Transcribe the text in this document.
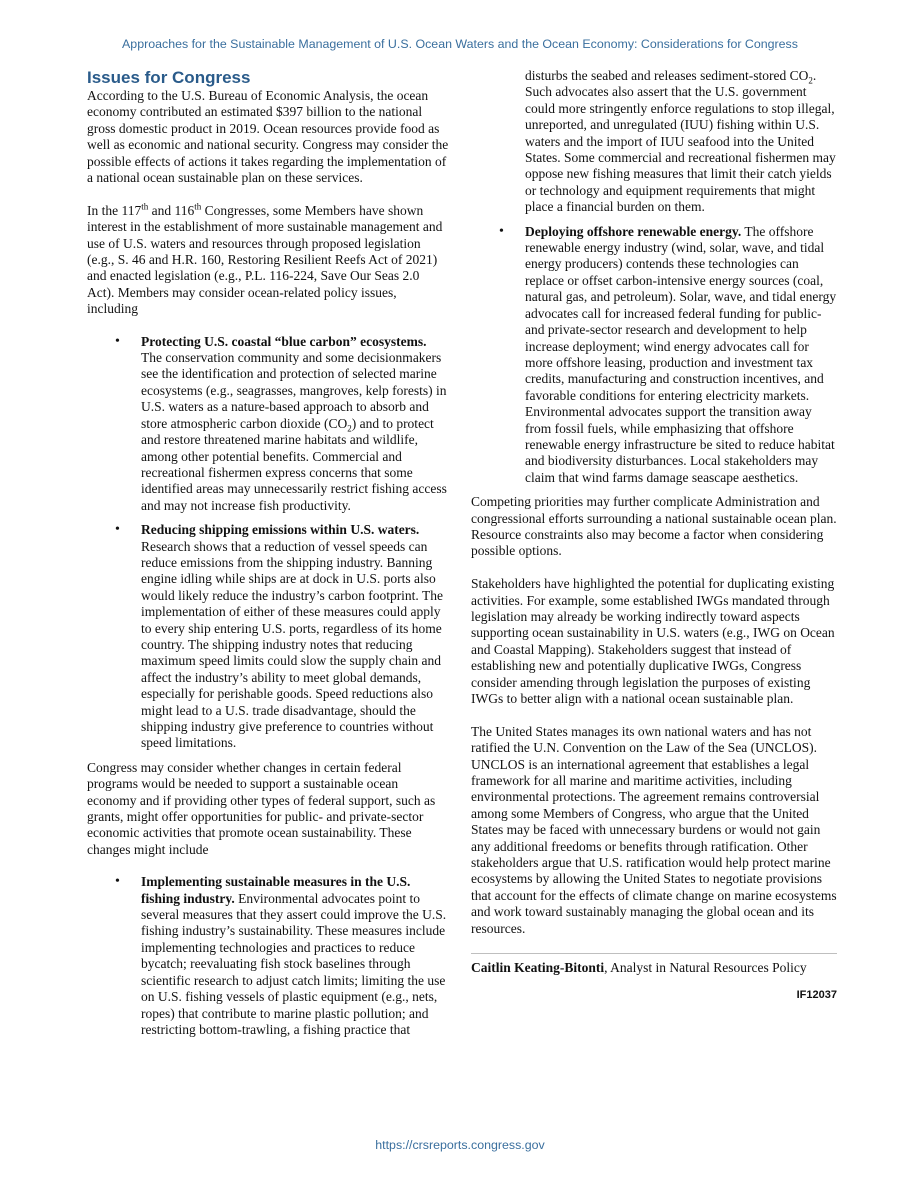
Approaches for the Sustainable Management of U.S. Ocean Waters and the Ocean Economy: Considerations for Congress
Issues for Congress

According to the U.S. Bureau of Economic Analysis, the ocean economy contributed an estimated $397 billion to the national gross domestic product in 2019. Ocean resources provide food as well as economic and national security. Congress may consider the possible effects of actions it takes regarding the implementation of a national ocean sustainable plan on these services.

In the 117th and 116th Congresses, some Members have shown interest in the establishment of more sustainable management and use of U.S. waters and resources through proposed legislation (e.g., S. 46 and H.R. 160, Restoring Resilient Reefs Act of 2021) and enacted legislation (e.g., P.L. 116-224, Save Our Seas 2.0 Act). Members may consider ocean-related policy issues, including

• Protecting U.S. coastal “blue carbon” ecosystems. The conservation community and some decisionmakers see the identification and protection of selected marine ecosystems (e.g., seagrasses, mangroves, kelp forests) in U.S. waters as a nature-based approach to absorb and store atmospheric carbon dioxide $(CO_2)$ and to protect and restore threatened marine habitats and wildlife, among other potential benefits. Commercial and recreational fishermen express concerns that some identified areas may unnecessarily restrict fishing access and may not increase fish productivity.
• Reducing shipping emissions within U.S. waters. Research shows that a reduction of vessel speeds can reduce emissions from the shipping industry. Banning engine idling while ships are at dock in U.S. ports also would likely reduce the industry’s carbon footprint. The implementation of either of these measures could apply to every ship entering U.S. ports, regardless of its home country. The shipping industry notes that reducing maximum speed limits could slow the supply chain and affect the industry’s ability to meet global demands, especially for perishable goods. Speed reductions also might lead to a U.S. trade disadvantage, should the shipping industry give preference to countries without speed limitations.

Congress may consider whether changes in certain federal programs would be needed to support a sustainable ocean economy and if providing other types of federal support, such as grants, might offer opportunities for public- and private-sector economic activities that promote ocean sustainability. These changes might include

• Implementing sustainable measures in the U.S. fishing industry. Environmental advocates point to several measures that they assert could improve the U.S. fishing industry’s sustainability. These measures include implementing technologies and practices to reduce bycatch; reevaluating fish stock baselines through scientific research to adjust catch limits; limiting the use on U.S. fishing vessels of plastic equipment (e.g., nets, ropes) that contribute to marine plastic pollution; and restricting bottom-trawling, a fishing practice that
disturbs the seabed and releases sediment-stored $CO_2$. Such advocates also assert that the U.S. government could more stringently enforce regulations to stop illegal, unreported, and unregulated (IUU) fishing within U.S. waters and the import of IUU seafood into the United States. Some commercial and recreational fishermen may oppose new fishing measures that limit their catch yields or technology and equipment requirements that might place a financial burden on them.
• Deploying offshore renewable energy. The offshore renewable energy industry (wind, solar, wave, and tidal energy producers) contends these technologies can replace or offset carbon-intensive energy sources (coal, natural gas, and petroleum). Solar, wave, and tidal energy advocates call for increased federal funding for public- and private-sector research and development to help increase deployment; wind energy advocates call for more offshore leasing, production and investment tax credits, manufacturing and construction incentives, and favorable conditions for entering electricity markets. Environmental advocates support the transition away from fossil fuels, while emphasizing that offshore renewable energy infrastructure be sited to reduce habitat and biodiversity disturbances. Local stakeholders may claim that wind farms damage seascape aesthetics.

Competing priorities may further complicate Administration and congressional efforts surrounding a national sustainable ocean plan. Resource constraints also may become a factor when considering possible options.

Stakeholders have highlighted the potential for duplicating existing activities. For example, some established IWGs mandated through legislation may already be working indirectly toward aspects supporting ocean sustainability in U.S. waters (e.g., IWG on Ocean and Coastal Mapping). Stakeholders suggest that instead of establishing new and potentially duplicative IWGs, Congress consider amending through legislation the purposes of existing IWGs to better align with a national ocean sustainable plan.

The United States manages its own national waters and has not ratified the U.N. Convention on the Law of the Sea (UNCLOS). UNCLOS is an international agreement that establishes a legal framework for all marine and maritime activities, including environmental protections. The agreement remains controversial among some Members of Congress, who argue that the United States may be faced with unnecessary burdens or would not gain any additional freedoms or benefits through ratification. Other stakeholders argue that U.S. ratification would help protect marine ecosystems by allowing the United States to negotiate provisions that account for the effects of climate change on marine ecosystems and work toward sustainably managing the global ocean and its resources.

Caitlin Keating-Bitonti, Analyst in Natural Resources Policy
IF12037
https://crsreports.congress.gov
